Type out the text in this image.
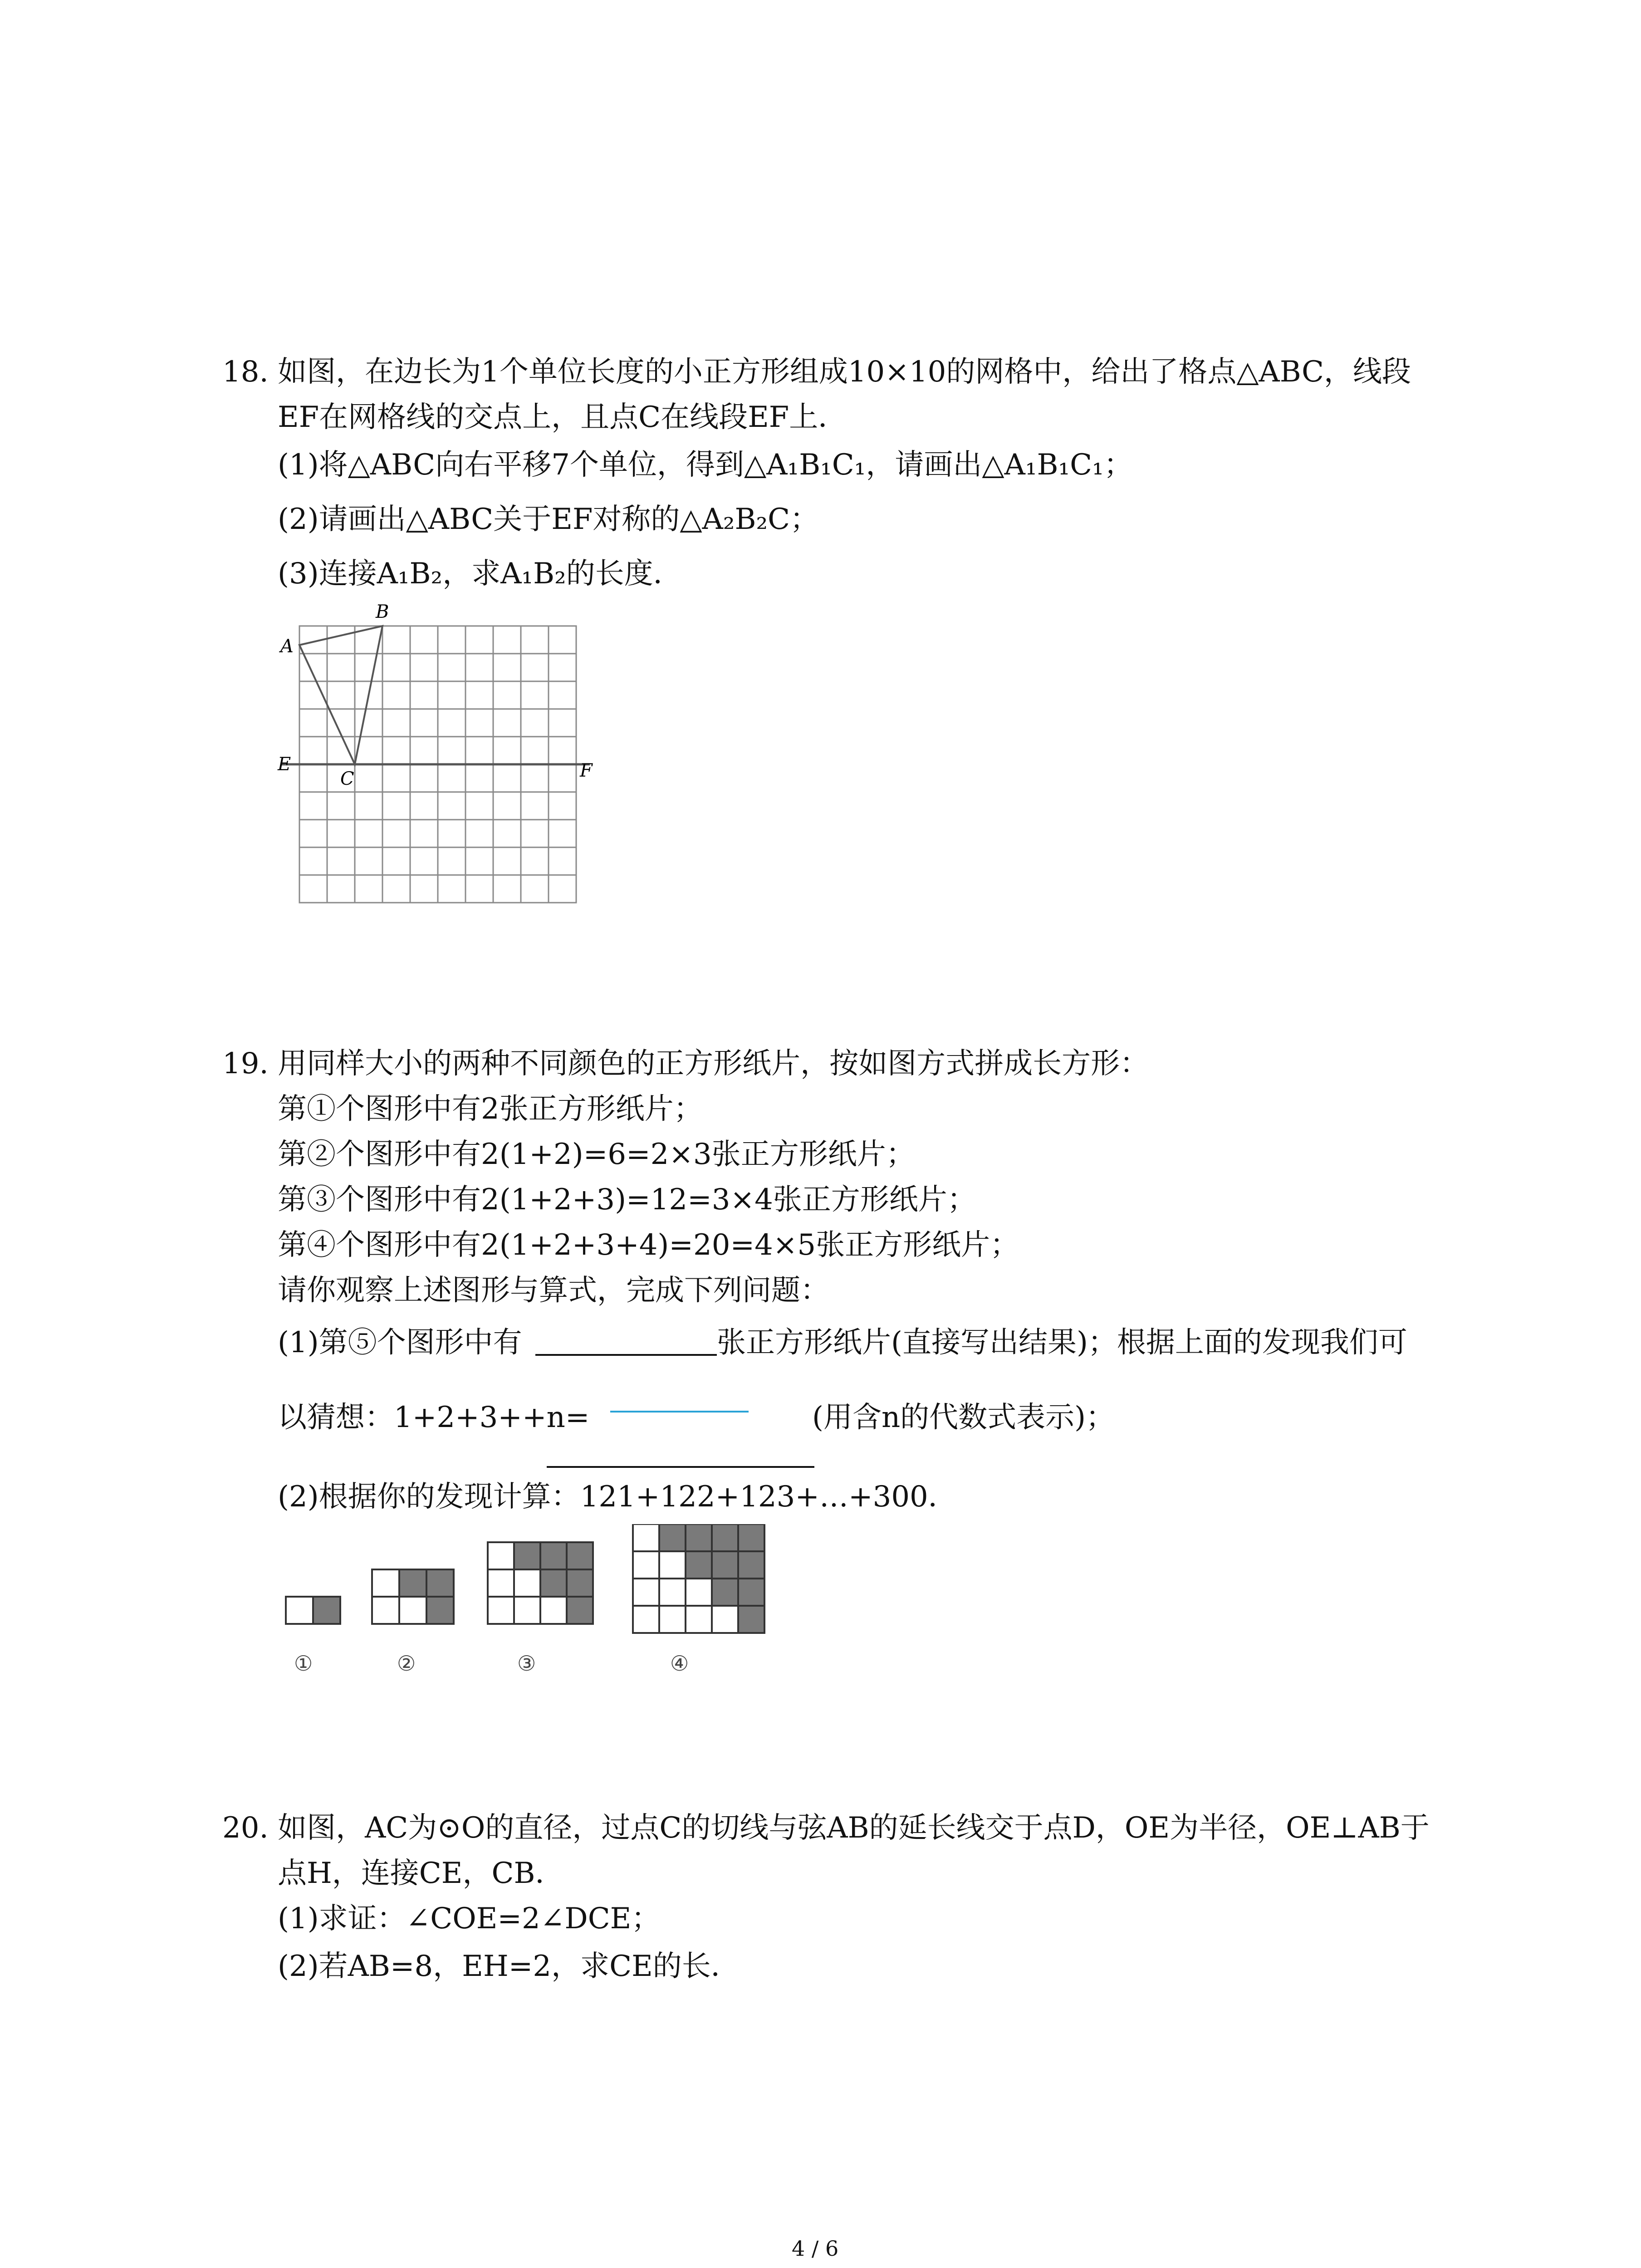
18. 如图，在边长为1个单位长度的小正方形组成10×10的网格中，给出了格点△ABC，线段
EF在网格线的交点上，且点C在线段EF上．
(1)将△ABC向右平移7个单位，得到△A₁B₁C₁，请画出△A₁B₁C₁；
(2)请画出△ABC关于EF对称的△A₂B₂C；
(3)连接A₁B₂，求A₁B₂的长度．
A
B
C
E	F
19. 用同样大小的两种不同颜色的正方形纸片，按如图方式拼成长方形：
第①个图形中有2张正方形纸片；
第②个图形中有2(1+2)=6=2×3张正方形纸片；
第③个图形中有2(1+2+3)=12=3×4张正方形纸片；
第④个图形中有2(1+2+3+4)=20=4×5张正方形纸片；
请你观察上述图形与算式，完成下列问题：
(1)第⑤个图形中有	张正方形纸片(直接写出结果)；根据上面的发现我们可
以猜想：1+2+3++n=	(用含n的代数式表示)；
(2)根据你的发现计算：121+122+123+…+300．
①	②	③	④
20. 如图，AC为⊙O的直径，过点C的切线与弦AB的延长线交于点D，OE为半径，OE⊥AB于
点H，连接CE，CB．
(1)求证：∠COE=2∠DCE；
(2)若AB=8，EH=2，求CE的长．
4 / 6
